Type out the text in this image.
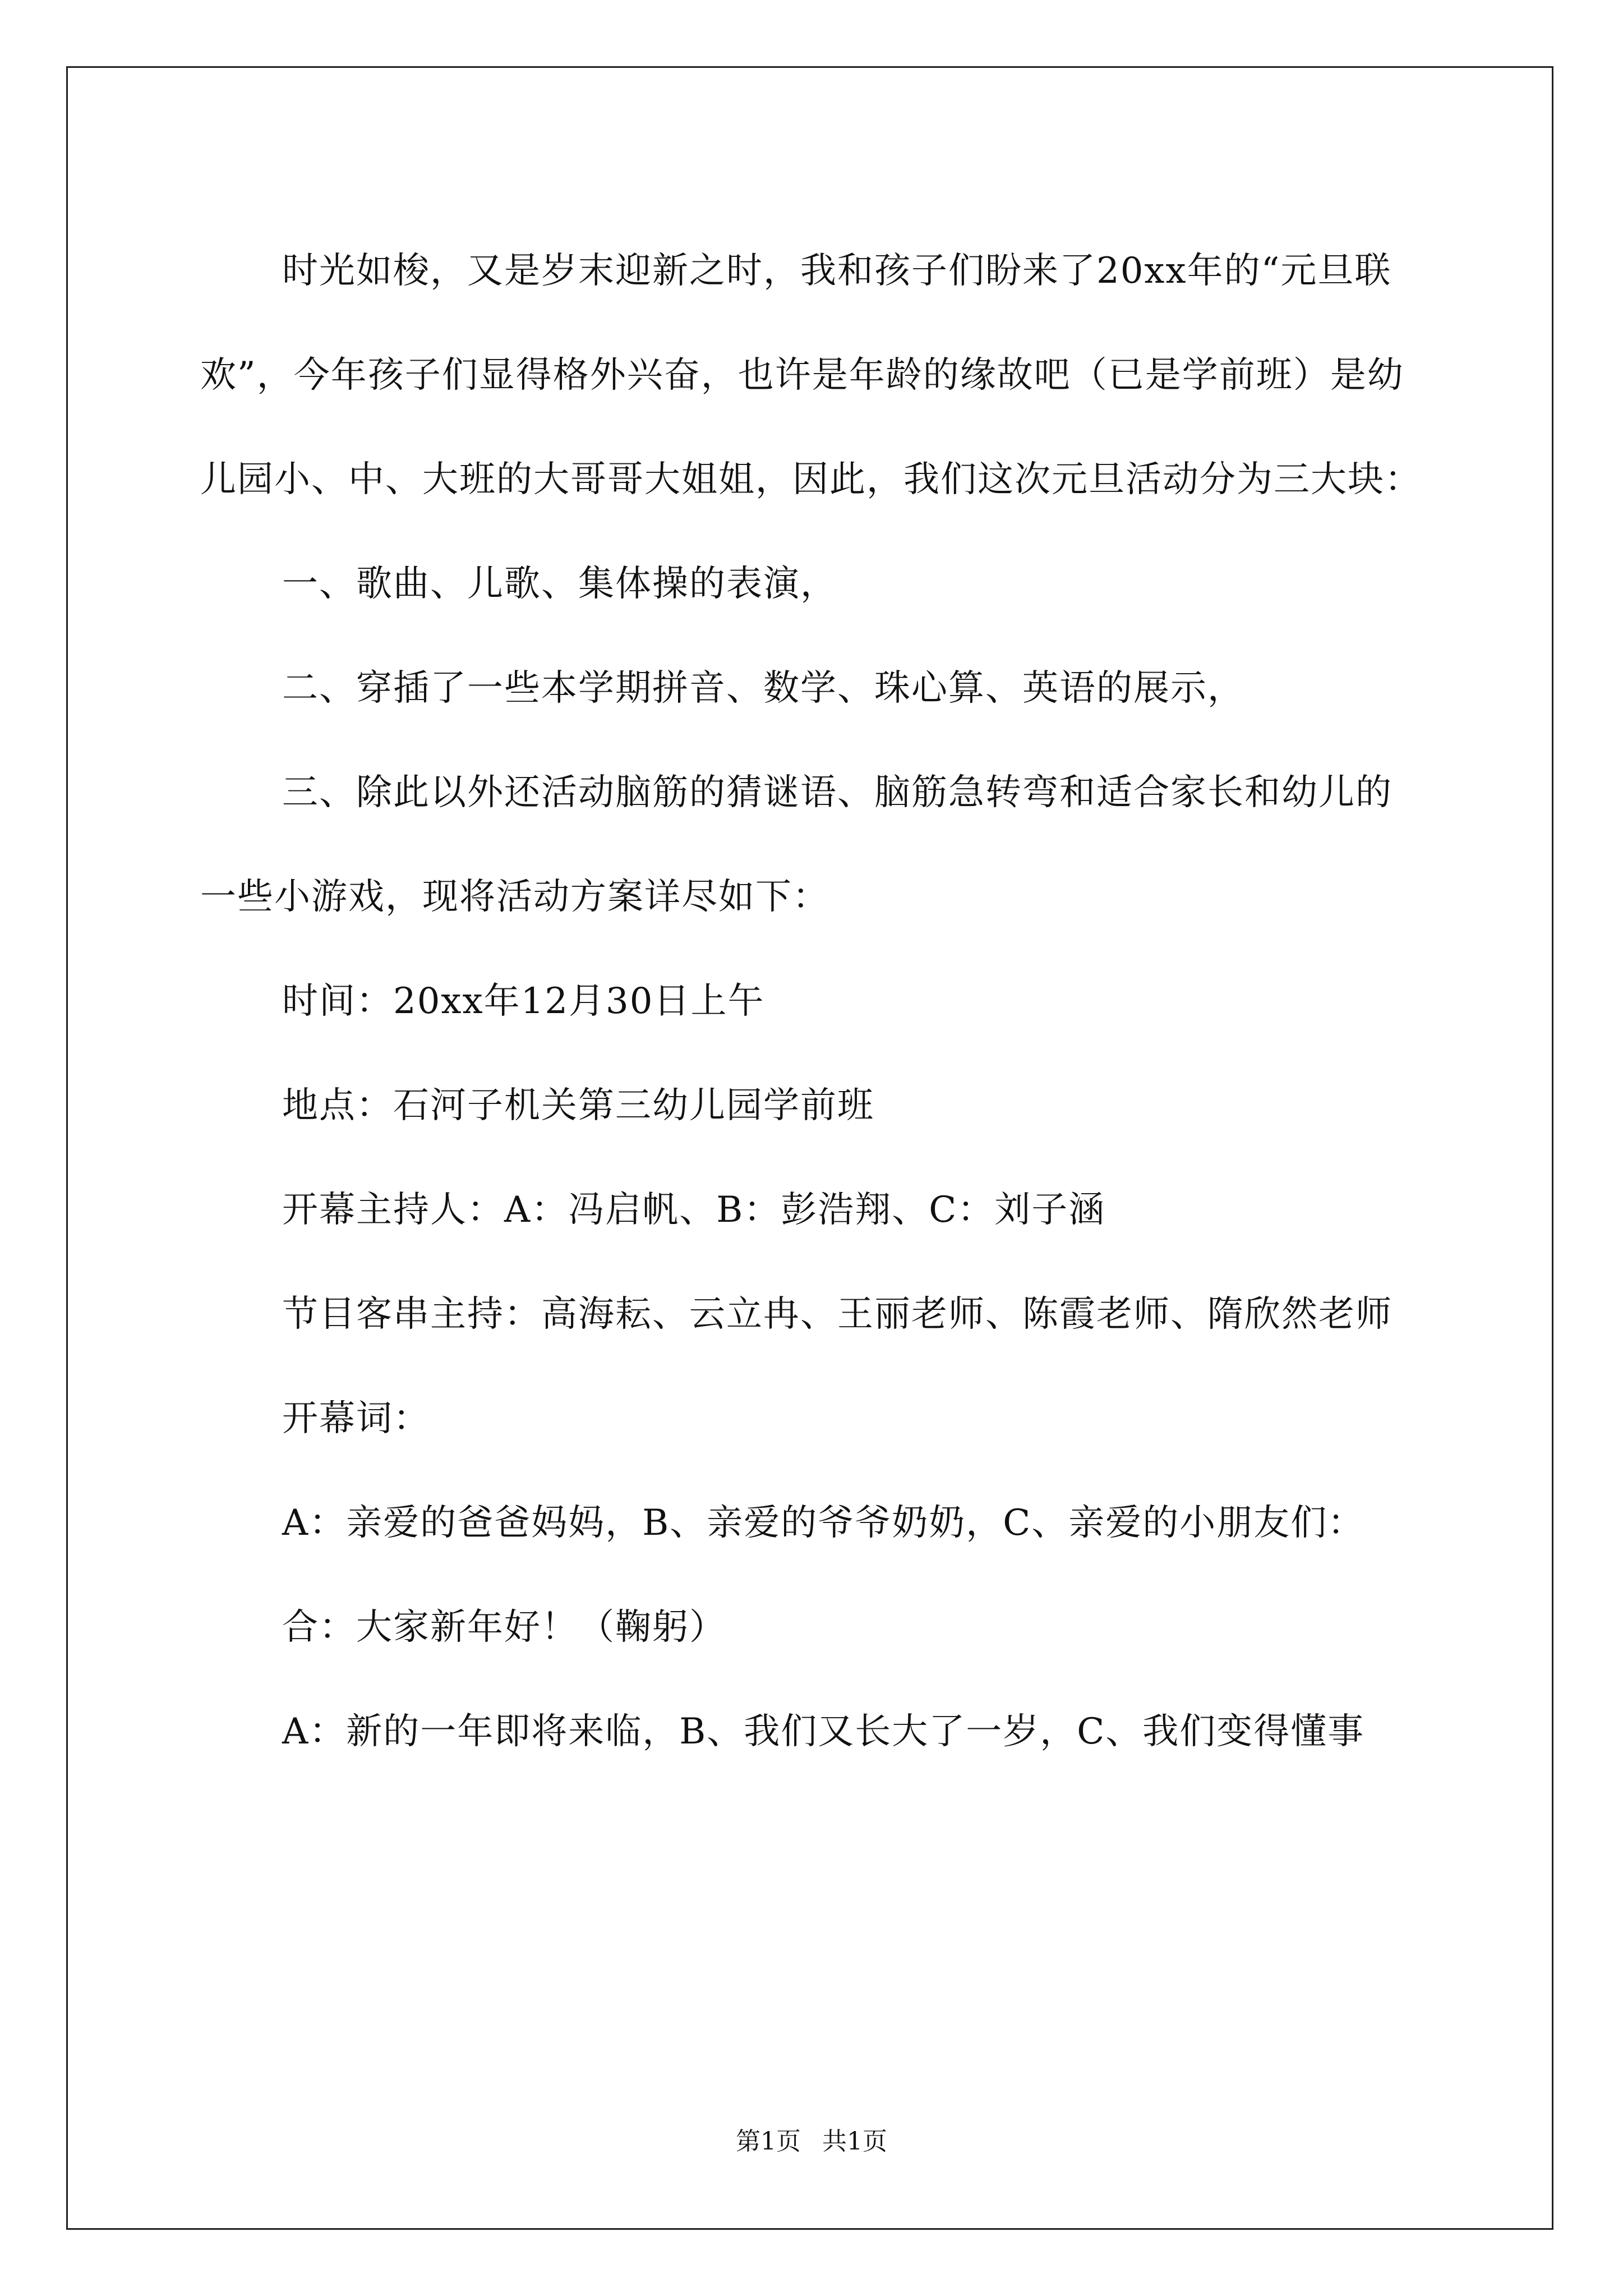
时光如梭，又是岁末迎新之时，我和孩子们盼来了20xx年的“元旦联欢”，今年孩子们显得格外兴奋，也许是年龄的缘故吧（已是学前班）是幼儿园小、中、大班的大哥哥大姐姐，因此，我们这次元旦活动分为三大块：

一、歌曲、儿歌、集体操的表演，

二、穿插了一些本学期拼音、数学、珠心算、英语的展示，

三、除此以外还活动脑筋的猜谜语、脑筋急转弯和适合家长和幼儿的一些小游戏，现将活动方案详尽如下：

时间：20xx年12月30日上午

地点：石河子机关第三幼儿园学前班

开幕主持人：A：冯启帆、B：彭浩翔、C：刘子涵

节目客串主持：高海耘、云立冉、王丽老师、陈霞老师、隋欣然老师

开幕词：

A：亲爱的爸爸妈妈，B、亲爱的爷爷奶奶，C、亲爱的小朋友们：

合：大家新年好！（鞠躬）

A：新的一年即将来临，B、我们又长大了一岁，C、我们变得懂事

第1页 共1页
